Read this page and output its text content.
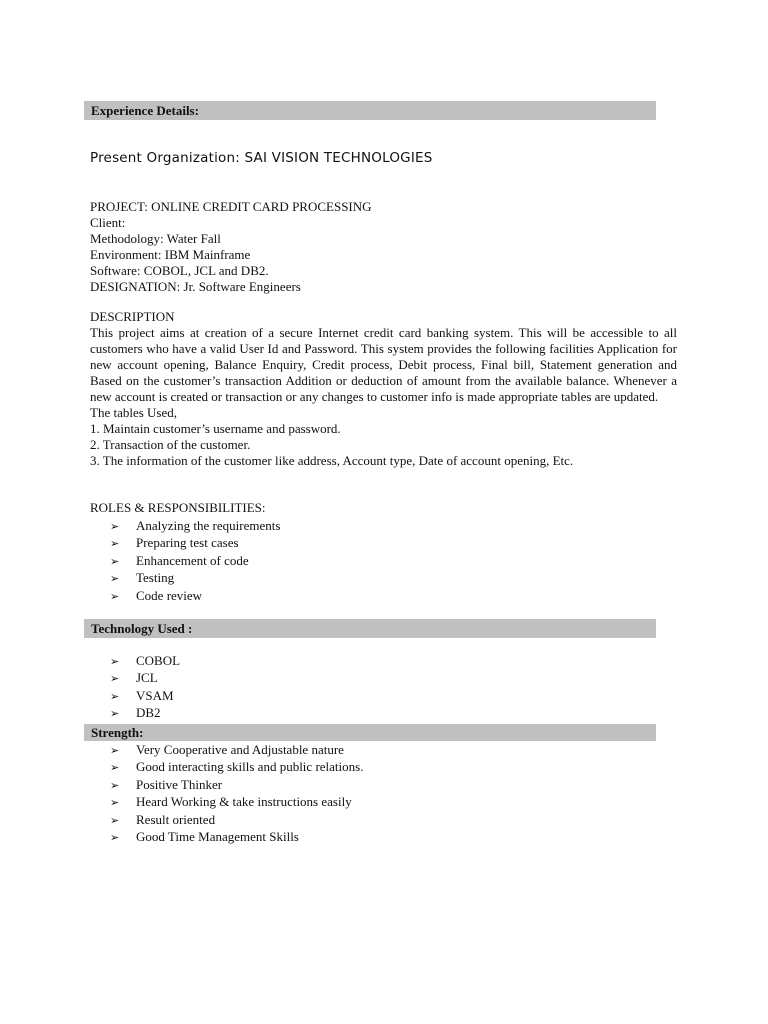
Experience Details:
Present Organization: SAI VISION TECHNOLOGIES
PROJECT: ONLINE CREDIT CARD PROCESSING
Client:
Methodology: Water Fall
Environment: IBM Mainframe
Software: COBOL, JCL and DB2.
DESIGNATION: Jr. Software Engineers
DESCRIPTION
This project aims at creation of a secure Internet credit card banking system. This will be accessible to all customers who have a valid User Id and Password. This system provides the following facilities Application for new account opening, Balance Enquiry, Credit process, Debit process, Final bill, Statement generation and Based on the customer’s transaction Addition or deduction of amount from the available balance. Whenever a new account is created or transaction or any changes to customer info is made appropriate tables are updated.
The tables Used,
1. Maintain customer’s username and password.
2. Transaction of the customer.
3. The information of the customer like address, Account type, Date of account opening, Etc.
ROLES & RESPONSIBILITIES:
➢ Analyzing the requirements
➢ Preparing test cases
➢ Enhancement of code
➢ Testing
➢ Code review
Technology Used :
➢ COBOL
➢ JCL
➢ VSAM
➢ DB2
Strength:
➢ Very Cooperative and Adjustable nature
➢ Good interacting skills and public relations.
➢ Positive Thinker
➢ Heard Working & take instructions easily
➢ Result oriented
➢ Good Time Management Skills
